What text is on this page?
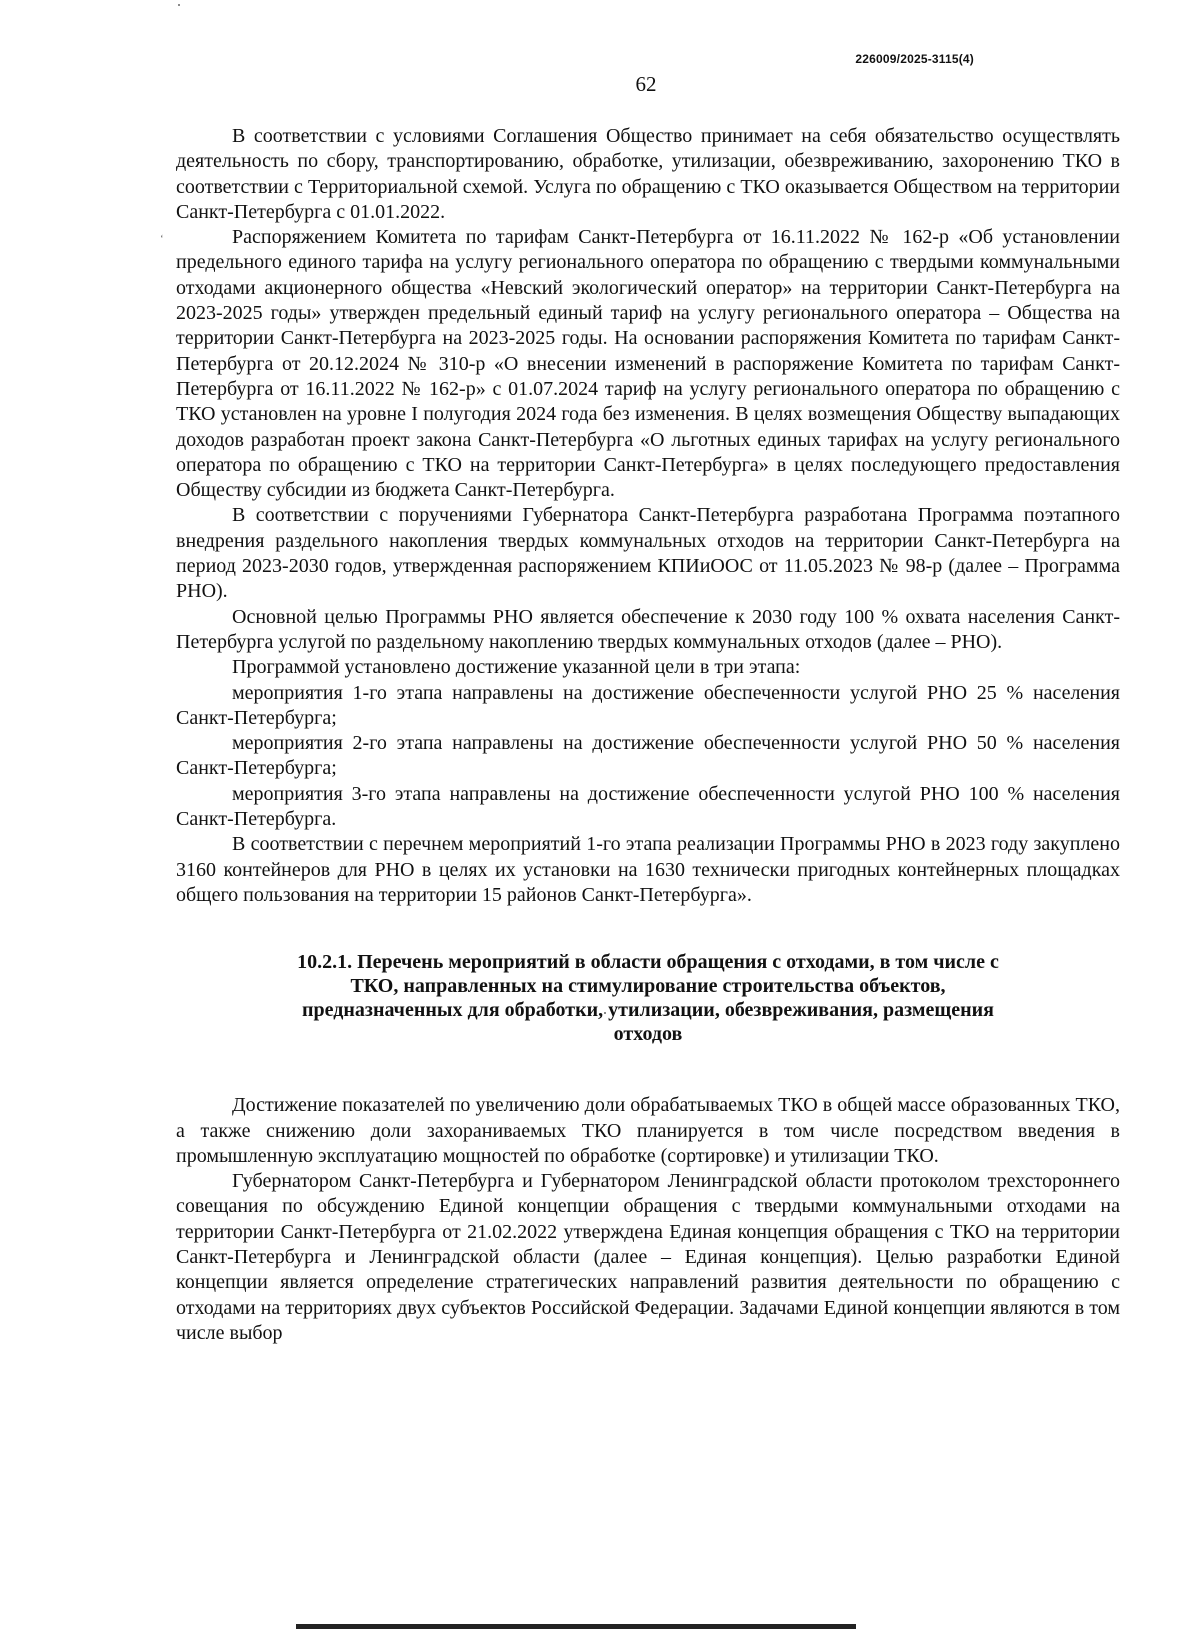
226009/2025-3115(4)
62
ʻ

В соответствии с условиями Соглашения Общество принимает на себя обязательство осуществлять деятельность по сбору, транспортированию, обработке, утилизации, обезвреживанию, захоронению ТКО в соответствии с Территориальной схемой. Услуга по обращению с ТКО оказывается Обществом на территории Санкт-Петербурга с 01.01.2022.

Распоряжением Комитета по тарифам Санкт-Петербурга от 16.11.2022 № 162-р «Об установлении предельного единого тарифа на услугу регионального оператора по обращению с твердыми коммунальными отходами акционерного общества «Невский экологический оператор» на территории Санкт-Петербурга на 2023-2025 годы» утвержден предельный единый тариф на услугу регионального оператора – Общества на территории Санкт-Петербурга на 2023-2025 годы. На основании распоряжения Комитета по тарифам Санкт-Петербурга от 20.12.2024 № 310-р «О внесении изменений в распоряжение Комитета по тарифам Санкт-Петербурга от 16.11.2022 № 162-р» с 01.07.2024 тариф на услугу регионального оператора по обращению с ТКО установлен на уровне I полугодия 2024 года без изменения. В целях возмещения Обществу выпадающих доходов разработан проект закона Санкт-Петербурга «О льготных единых тарифах на услугу регионального оператора по обращению с ТКО на территории Санкт-Петербурга» в целях последующего предоставления Обществу субсидии из бюджета Санкт-Петербурга.

В соответствии с поручениями Губернатора Санкт-Петербурга разработана Программа поэтапного внедрения раздельного накопления твердых коммунальных отходов на территории Санкт-Петербурга на период 2023-2030 годов, утвержденная распоряжением КПИиООС от 11.05.2023 № 98-р (далее – Программа РНО).

Основной целью Программы РНО является обеспечение к 2030 году 100 % охвата населения Санкт-Петербурга услугой по раздельному накоплению твердых коммунальных отходов (далее – РНО).

Программой установлено достижение указанной цели в три этапа:

мероприятия 1-го этапа направлены на достижение обеспеченности услугой РНО 25 % населения Санкт-Петербурга;

мероприятия 2-го этапа направлены на достижение обеспеченности услугой РНО 50 % населения Санкт-Петербурга;

мероприятия 3-го этапа направлены на достижение обеспеченности услугой РНО 100 % населения Санкт-Петербурга.

В соответствии с перечнем мероприятий 1-го этапа реализации Программы РНО в 2023 году закуплено 3160 контейнеров для РНО в целях их установки на 1630 технически пригодных контейнерных площадках общего пользования на территории 15 районов Санкт-Петербурга».

10.2.1. Перечень мероприятий в области обращения с отходами, в том числе с ТКО, направленных на стимулирование строительства объектов, предназначенных для обработки, утилизации, обезвреживания, размещения отходов

Достижение показателей по увеличению доли обрабатываемых ТКО в общей массе образованных ТКО, а также снижению доли захораниваемых ТКО планируется в том числе посредством введения в промышленную эксплуатацию мощностей по обработке (сортировке) и утилизации ТКО.

Губернатором Санкт-Петербурга и Губернатором Ленинградской области протоколом трехстороннего совещания по обсуждению Единой концепции обращения с твердыми коммунальными отходами на территории Санкт-Петербурга от 21.02.2022 утверждена Единая концепция обращения с ТКО на территории Санкт-Петербурга и Ленинградской области (далее – Единая концепция). Целью разработки Единой концепции является определение стратегических направлений развития деятельности по обращению с отходами на территориях двух субъектов Российской Федерации. Задачами Единой концепции являются в том числе выбор
